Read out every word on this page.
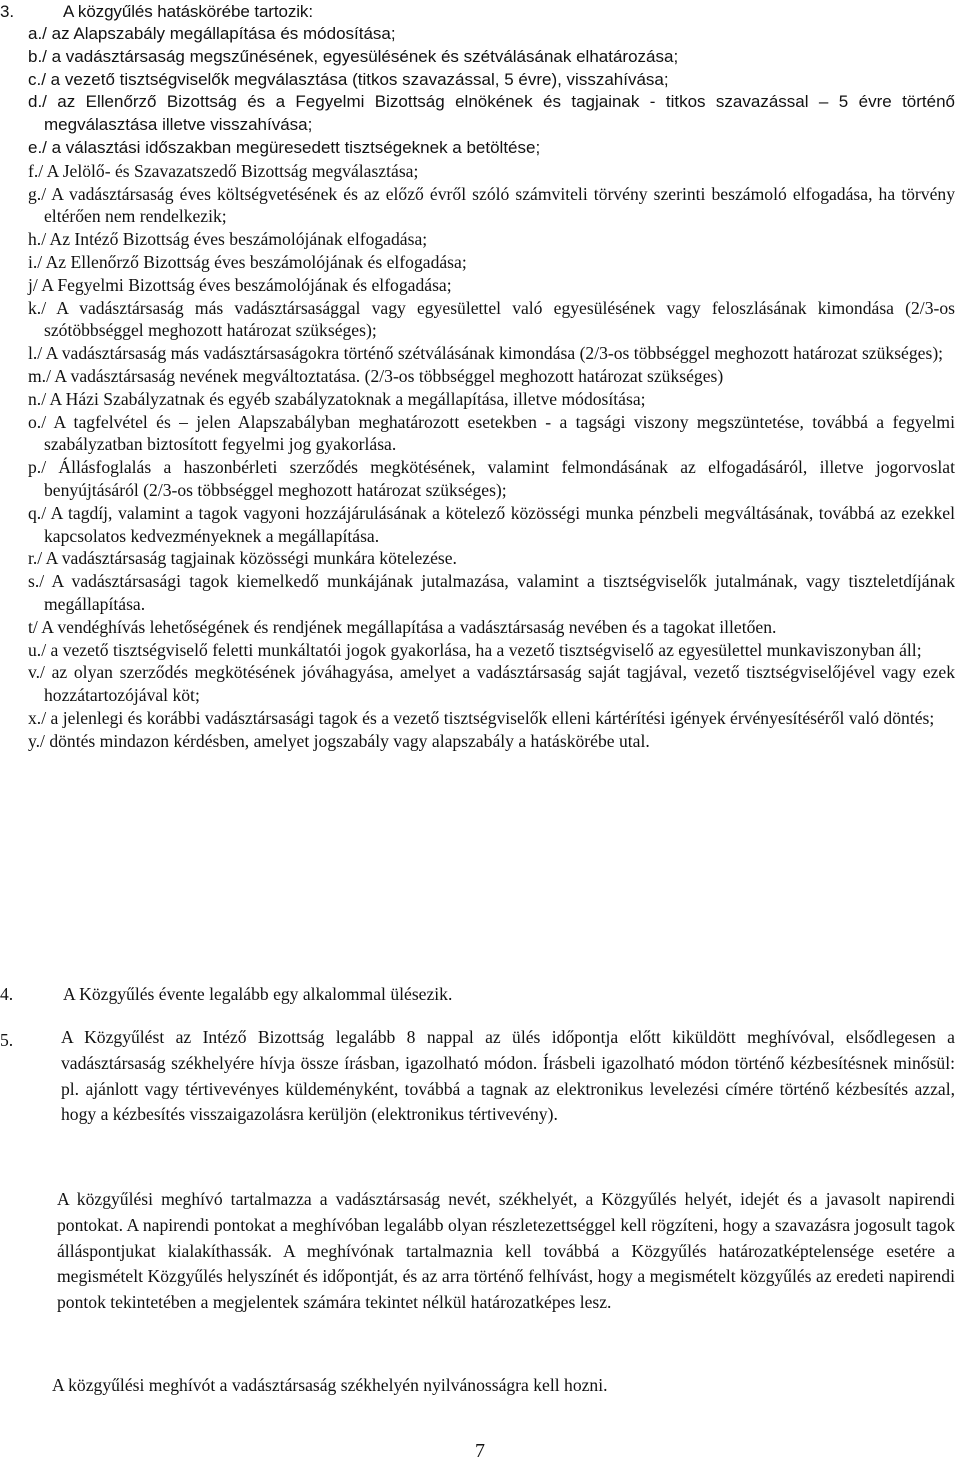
3.	A közgyűlés hatáskörébe tartozik:

a./ az Alapszabály megállapítása és módosítása;

b./ a vadásztársaság megszűnésének, egyesülésének és szétválásának elhatározása;

c./ a vezető tisztségviselők megválasztása (titkos szavazással, 5 évre), visszahívása;

d./ az Ellenőrző Bizottság és a Fegyelmi Bizottság elnökének és tagjainak - titkos szavazással – 5 évre történő megválasztása illetve visszahívása;

e./ a választási időszakban megüresedett tisztségeknek a betöltése;

f./ A Jelölő- és Szavazatszedő Bizottság megválasztása;

g./ A vadásztársaság éves költségvetésének és az előző évről szóló számviteli törvény szerinti beszámoló elfogadása, ha törvény eltérően nem rendelkezik;

h./ Az Intéző Bizottság éves beszámolójának elfogadása;

i./ Az Ellenőrző Bizottság éves beszámolójának és elfogadása;

j/ A Fegyelmi Bizottság éves beszámolójának és elfogadása;

k./ A vadásztársaság más vadásztársasággal vagy egyesülettel való egyesülésének vagy feloszlásának kimondása (2/3-os szótöbbséggel meghozott határozat szükséges);

l./ A vadásztársaság más vadásztársaságokra történő szétválásának kimondása (2/3-os többséggel meghozott határozat szükséges);

m./ A vadásztársaság nevének megváltoztatása. (2/3-os többséggel meghozott határozat szükséges)

n./ A Házi Szabályzatnak és egyéb szabályzatoknak a megállapítása, illetve módosítása;

o./ A tagfelvétel és – jelen Alapszabályban meghatározott esetekben - a tagsági viszony megszüntetése, továbbá a fegyelmi szabályzatban biztosított fegyelmi jog gyakorlása.

p./ Állásfoglalás a haszonbérleti szerződés megkötésének, valamint felmondásának az elfogadásáról, illetve jogorvoslat benyújtásáról (2/3-os többséggel meghozott határozat szükséges);

q./ A tagdíj, valamint a tagok vagyoni hozzájárulásának a kötelező közösségi munka pénzbeli megváltásának, továbbá az ezekkel kapcsolatos kedvezményeknek a megállapítása.

r./ A vadásztársaság tagjainak közösségi munkára kötelezése.

s./ A vadásztársasági tagok kiemelkedő munkájának jutalmazása, valamint a tisztségviselők jutalmának, vagy tiszteletdíjának megállapítása.

t/ A vendéghívás lehetőségének és rendjének megállapítása a vadásztársaság nevében és a tagokat illetően.

u./ a vezető tisztségviselő feletti munkáltatói jogok gyakorlása, ha a vezető tisztségviselő az egyesülettel munkaviszonyban áll;

v./ az olyan szerződés megkötésének jóváhagyása, amelyet a vadásztársaság saját tagjával, vezető tisztségviselőjével vagy ezek hozzátartozójával köt;

x./ a jelenlegi és korábbi vadásztársasági tagok és a vezető tisztségviselők elleni kártérítési igények érvényesítéséről való döntés;

y./ döntés mindazon kérdésben, amelyet jogszabály vagy alapszabály a hatáskörébe utal.

4.	A Közgyűlés évente legalább egy alkalommal ülésezik.
5.	A Közgyűlést az Intéző Bizottság legalább 8 nappal az ülés időpontja előtt kiküldött meghívóval, elsődlegesen a vadásztársaság székhelyére hívja össze írásban, igazolható módon. Írásbeli igazolható módon történő kézbesítésnek minősül: pl. ajánlott vagy tértivevényes küldeményként, továbbá a tagnak az elektronikus levelezési címére történő kézbesítés azzal, hogy a kézbesítés visszaigazolásra kerüljön (elektronikus tértivevény).

A közgyűlési meghívó tartalmazza a vadásztársaság nevét, székhelyét, a Közgyűlés helyét, idejét és a javasolt napirendi pontokat. A napirendi pontokat a meghívóban legalább olyan részletezettséggel kell rögzíteni, hogy a szavazásra jogosult tagok álláspontjukat kialakíthassák. A meghívónak tartalmaznia kell továbbá a Közgyűlés határozatképtelensége esetére a megismételt Közgyűlés helyszínét és időpontját, és az arra történő felhívást, hogy a megismételt közgyűlés az eredeti napirendi pontok tekintetében a megjelentek számára tekintet nélkül határozatképes lesz.

A közgyűlési meghívót a vadásztársaság székhelyén nyilvánosságra kell hozni.

7
